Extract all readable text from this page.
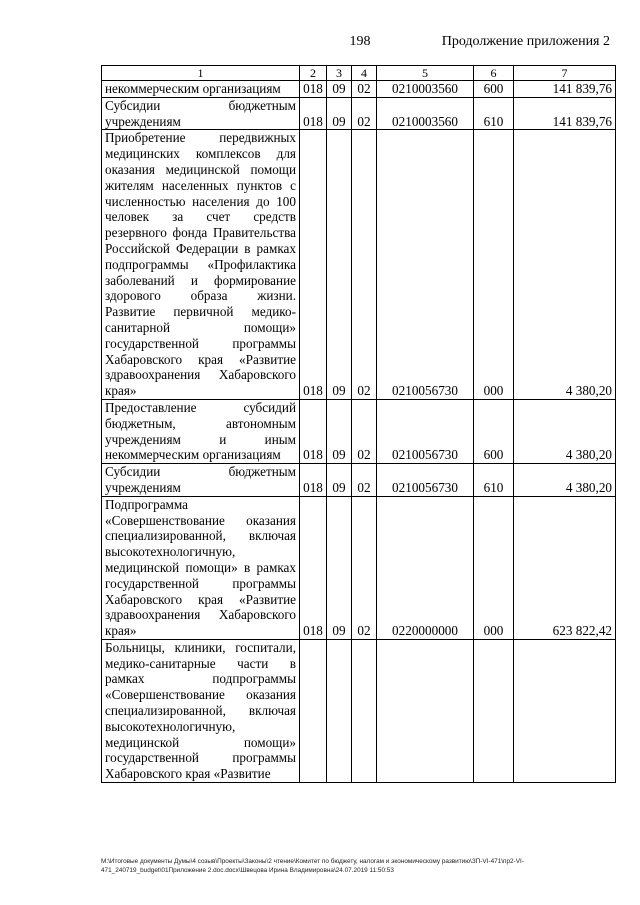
198	Продолжение приложения 2
1	2	3	4	5	6	7
некоммерческим организациям	018	09	02	0210003560	600	141 839,76
Субсидии бюджетным учреждениям	018	09	02	0210003560	610	141 839,76
Приобретение передвижных медицинских комплексов для оказания медицинской помощи жителям населенных пунктов с численностью населения до 100 человек за счет средств резервного фонда Правительства Российской Федерации в рамках подпрограммы «Профилактика заболеваний и формирование здорового образа жизни. Развитие первичной медико-санитарной помощи» государственной программы Хабаровского края «Развитие здравоохранения Хабаровского края»	018	09	02	0210056730	000	4 380,20
Предоставление субсидий бюджетным, автономным учреждениям и иным некоммерческим организациям	018	09	02	0210056730	600	4 380,20
Субсидии бюджетным учреждениям	018	09	02	0210056730	610	4 380,20
Подпрограмма «Совершенствование оказания специализированной, включая высокотехнологичную, медицинской помощи» в рамках государственной программы Хабаровского края «Развитие здравоохранения Хабаровского края»	018	09	02	0220000000	000	623 822,42
Больницы, клиники, госпитали, медико-санитарные части в рамках подпрограммы «Совершенствование оказания специализированной, включая высокотехнологичную, медицинской помощи» государственной программы Хабаровского края «Развитие						
M:\Итоговые документы Думы\4 созыв\Проекты\Законы\2 чтение\Комитет по бюджету, налогам и экономическому развитию\ЗП-VI-471\пр2-VI-
471_240719_budget\01Приложение 2.doc.docx\Швецова Ирина Владимировна\24.07.2019 11:50:53
